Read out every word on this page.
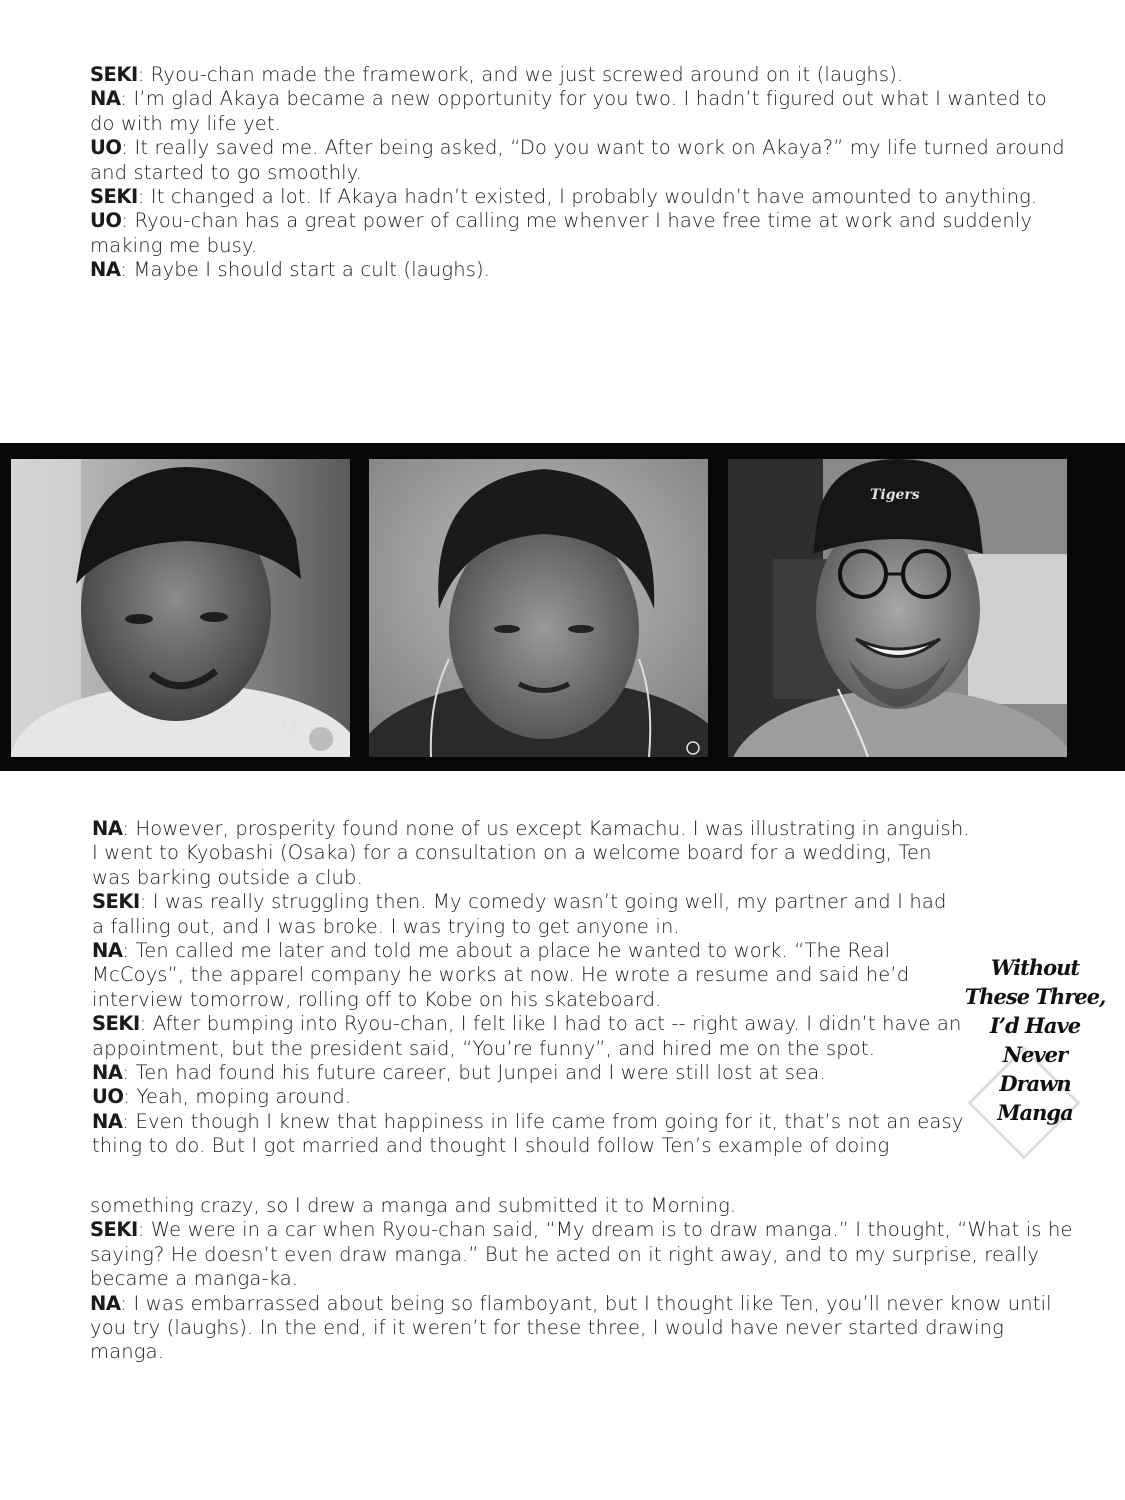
SEKI: Ryou-chan made the framework, and we just screwed around on it (laughs).
NA: I’m glad Akaya became a new opportunity for you two. I hadn’t figured out what I wanted to
do with my life yet.
UO: It really saved me. After being asked, “Do you want to work on Akaya?” my life turned around
and started to go smoothly.
SEKI: It changed a lot. If Akaya hadn’t existed, I probably wouldn’t have amounted to anything.
UO: Ryou-chan has a great power of calling me whenver I have free time at work and suddenly
making me busy.
NA: Maybe I should start a cult (laughs).
Tigers
NA: However, prosperity found none of us except Kamachu. I was illustrating in anguish.
I went to Kyobashi (Osaka) for a consultation on a welcome board for a wedding, Ten
was barking outside a club.
SEKI: I was really struggling then. My comedy wasn’t going well, my partner and I had
a falling out, and I was broke. I was trying to get anyone in.
NA: Ten called me later and told me about a place he wanted to work. “The Real
McCoys”, the apparel company he works at now. He wrote a resume and said he’d
interview tomorrow, rolling off to Kobe on his skateboard.
SEKI: After bumping into Ryou-chan, I felt like I had to act -- right away. I didn’t have an
appointment, but the president said, “You’re funny”, and hired me on the spot.
NA: Ten had found his future career, but Junpei and I were still lost at sea.
UO: Yeah, moping around.
NA: Even though I knew that happiness in life came from going for it, that’s not an easy
thing to do. But I got married and thought I should follow Ten’s example of doing
Without
These Three,
I’d Have
Never
Drawn
Manga
something crazy, so I drew a manga and submitted it to Morning.
SEKI: We were in a car when Ryou-chan said, “My dream is to draw manga.” I thought, “What is he
saying? He doesn’t even draw manga.” But he acted on it right away, and to my surprise, really
became a manga-ka.
NA: I was embarrassed about being so flamboyant, but I thought like Ten, you’ll never know until
you try (laughs). In the end, if it weren’t for these three, I would have never started drawing
manga.
